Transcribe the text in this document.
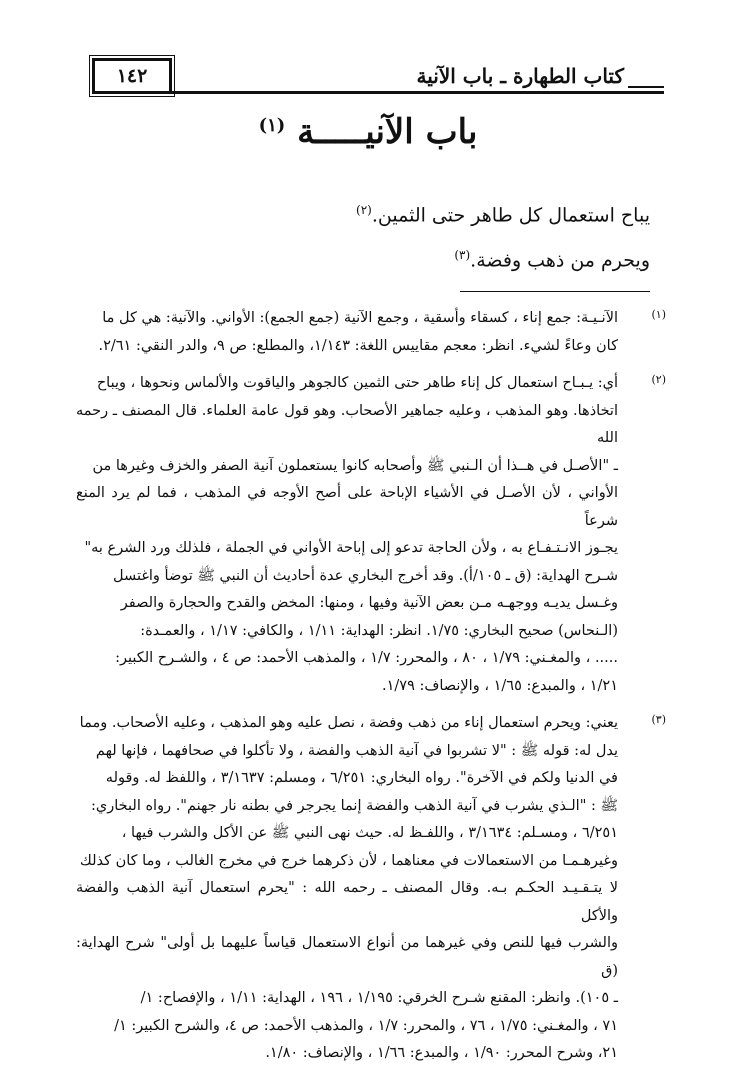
١٤٢	كتاب الطهارة ـ باب الآنية
باب الآنيـــــة $^{(١)}$

يباح استعمال كل طاهر حتى الثمين.$^{(٢)}$

ويحرم من ذهب وفضة.$^{(٣)}$

(١)

الآنـيـة: جمع إناء ، كسقاء وأسقية ، وجمع الآنية (جمع الجمع): الأواني. والآنية: هي كل ما

كان وعاءً لشيء. انظر: معجم مقاييس اللغة: ١/١٤٣، والمطلع: ص ٩، والدر النقي: ٢/٦١.

(٢)

أي: يـبـاح استعمال كل إناء طاهر حتى الثمين كالجوهر والياقوت والألماس ونحوها ، ويباح

اتخاذها. وهو المذهب ، وعليه جماهير الأصحاب. وهو قول عامة العلماء. قال المصنف ـ رحمه الله

ـ "الأصـل في هــذا أن الـنبي ﷺ وأصحابه كانوا يستعملون آنية الصفر والخزف وغيرها من

الأواني ، لأن الأصـل في الأشياء الإباحة على أصح الأوجه في المذهب ، فما لم يرد المنع شرعاً

يجـوز الانـتـفـاع به ، ولأن الحاجة تدعو إلى إباحة الأواني في الجملة ، فلذلك ورد الشرع به"

شـرح الهداية: (ق ـ ١٠٥/أ). وقد أخرج البخاري عدة أحاديث أن النبي ﷺ توضأ واغتسل

وغـسل يديـه ووجهـه مـن بعض الآنية وفيها ، ومنها: المخض والقدح والحجارة والصفر

(الـنحاس) صحيح البخاري: ١/٧٥. انظر: الهداية: ١/١١ ، والكافي: ١/١٧ ، والعمـدة:

..... ، والمغـني: ١/٧٩ ، ٨٠ ، والمحرر: ١/٧ ، والمذهب الأحمد: ص ٤ ، والشـرح الكبير:

١/٢١ ، والمبدع: ١/٦٥ ، والإنصاف: ١/٧٩.

(٣)

يعني: ويحرم استعمال إناء من ذهب وفضة ، نصل عليه وهو المذهب ، وعليه الأصحاب. ومما

يدل له: قوله ﷺ : "لا تشربوا في آنية الذهب والفضة ، ولا تأكلوا في صحافهما ، فإنها لهم

في الدنيا ولكم في الآخرة". رواه البخاري: ٦/٢٥١ ، ومسلم: ٣/١٦٣٧ ، واللفظ له. وقوله

ﷺ : "الـذي يشرب في آنية الذهب والفضة إنما يجرجر في بطنه نار جهنم". رواه البخاري:

٦/٢٥١ ، ومسـلم: ٣/١٦٣٤ ، واللفـظ له. حيث نهى النبي ﷺ عن الأكل والشرب فيها ،

وغيرهـمـا من الاستعمالات في معناهما ، لأن ذكرهما خرج في مخرج الغالب ، وما كان كذلك

لا يتـقـيـد الحكـم بـه. وقال المصنف ـ رحمه الله : "يحرم استعمال آنية الذهب والفضة والأكل

والشرب فيها للنص وفي غيرهما من أنواع الاستعمال قياساً عليهما بل أولى" شرح الهداية: (ق

ـ ١٠٥). وانظر: المقنع شـرح الخرقي: ١/١٩٥ ، ١٩٦ ، الهداية: ١/١١ ، والإفصاح: ١/

٧١ ، والمغـني: ١/٧٥ ، ٧٦ ، والمحرر: ١/٧ ، والمذهب الأحمد: ص ٤، والشرح الكبير: ١/

٢١، وشرح المحرر: ١/٩٠ ، والمبدع: ١/٦٦ ، والإنصاف: ١/٨٠.
